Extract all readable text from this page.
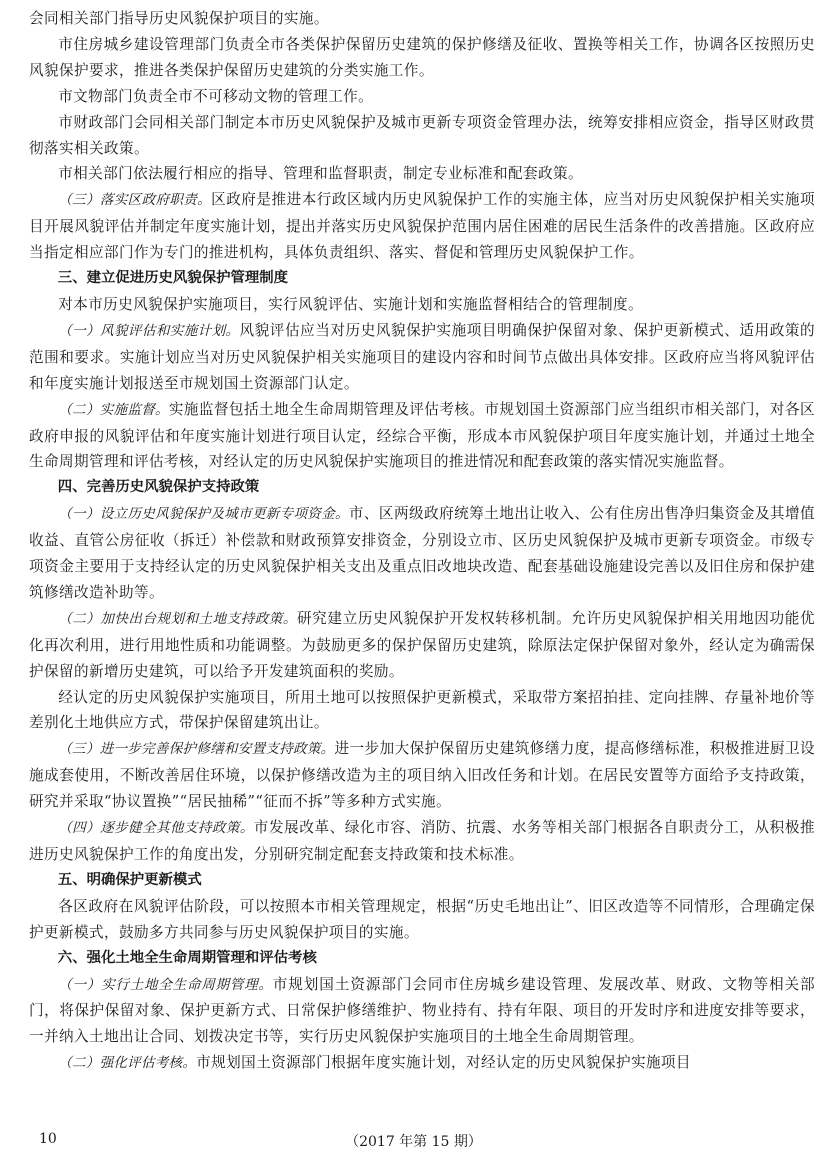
会同相关部门指导历史风貌保护项目的实施。

市住房城乡建设管理部门负责全市各类保护保留历史建筑的保护修缮及征收、置换等相关工作，协调各区按照历史风貌保护要求，推进各类保护保留历史建筑的分类实施工作。

市文物部门负责全市不可移动文物的管理工作。

市财政部门会同相关部门制定本市历史风貌保护及城市更新专项资金管理办法，统筹安排相应资金，指导区财政贯彻落实相关政策。

市相关部门依法履行相应的指导、管理和监督职责，制定专业标准和配套政策。

（三）落实区政府职责。区政府是推进本行政区域内历史风貌保护工作的实施主体，应当对历史风貌保护相关实施项目开展风貌评估并制定年度实施计划，提出并落实历史风貌保护范围内居住困难的居民生活条件的改善措施。区政府应当指定相应部门作为专门的推进机构，具体负责组织、落实、督促和管理历史风貌保护工作。

三、建立促进历史风貌保护管理制度

对本市历史风貌保护实施项目，实行风貌评估、实施计划和实施监督相结合的管理制度。

（一）风貌评估和实施计划。风貌评估应当对历史风貌保护实施项目明确保护保留对象、保护更新模式、适用政策的范围和要求。实施计划应当对历史风貌保护相关实施项目的建设内容和时间节点做出具体安排。区政府应当将风貌评估和年度实施计划报送至市规划国土资源部门认定。

（二）实施监督。实施监督包括土地全生命周期管理及评估考核。市规划国土资源部门应当组织市相关部门，对各区政府申报的风貌评估和年度实施计划进行项目认定，经综合平衡，形成本市风貌保护项目年度实施计划，并通过土地全生命周期管理和评估考核，对经认定的历史风貌保护实施项目的推进情况和配套政策的落实情况实施监督。

四、完善历史风貌保护支持政策

（一）设立历史风貌保护及城市更新专项资金。市、区两级政府统筹土地出让收入、公有住房出售净归集资金及其增值收益、直管公房征收（拆迁）补偿款和财政预算安排资金，分别设立市、区历史风貌保护及城市更新专项资金。市级专项资金主要用于支持经认定的历史风貌保护相关支出及重点旧改地块改造、配套基础设施建设完善以及旧住房和保护建筑修缮改造补助等。

（二）加快出台规划和土地支持政策。研究建立历史风貌保护开发权转移机制。允许历史风貌保护相关用地因功能优化再次利用，进行用地性质和功能调整。为鼓励更多的保护保留历史建筑，除原法定保护保留对象外，经认定为确需保护保留的新增历史建筑，可以给予开发建筑面积的奖励。

经认定的历史风貌保护实施项目，所用土地可以按照保护更新模式，采取带方案招拍挂、定向挂牌、存量补地价等差别化土地供应方式，带保护保留建筑出让。

（三）进一步完善保护修缮和安置支持政策。进一步加大保护保留历史建筑修缮力度，提高修缮标准，积极推进厨卫设施成套使用，不断改善居住环境，以保护修缮改造为主的项目纳入旧改任务和计划。在居民安置等方面给予支持政策，研究并采取“协议置换”“居民抽稀”“征而不拆”等多种方式实施。

（四）逐步健全其他支持政策。市发展改革、绿化市容、消防、抗震、水务等相关部门根据各自职责分工，从积极推进历史风貌保护工作的角度出发，分别研究制定配套支持政策和技术标准。

五、明确保护更新模式

各区政府在风貌评估阶段，可以按照本市相关管理规定，根据“历史毛地出让”、旧区改造等不同情形，合理确定保护更新模式，鼓励多方共同参与历史风貌保护项目的实施。

六、强化土地全生命周期管理和评估考核

（一）实行土地全生命周期管理。市规划国土资源部门会同市住房城乡建设管理、发展改革、财政、文物等相关部门，将保护保留对象、保护更新方式、日常保护修缮维护、物业持有、持有年限、项目的开发时序和进度安排等要求，一并纳入土地出让合同、划拨决定书等，实行历史风貌保护实施项目的土地全生命周期管理。

（二）强化评估考核。市规划国土资源部门根据年度实施计划，对经认定的历史风貌保护实施项目

10	（2017 年第 15 期）
